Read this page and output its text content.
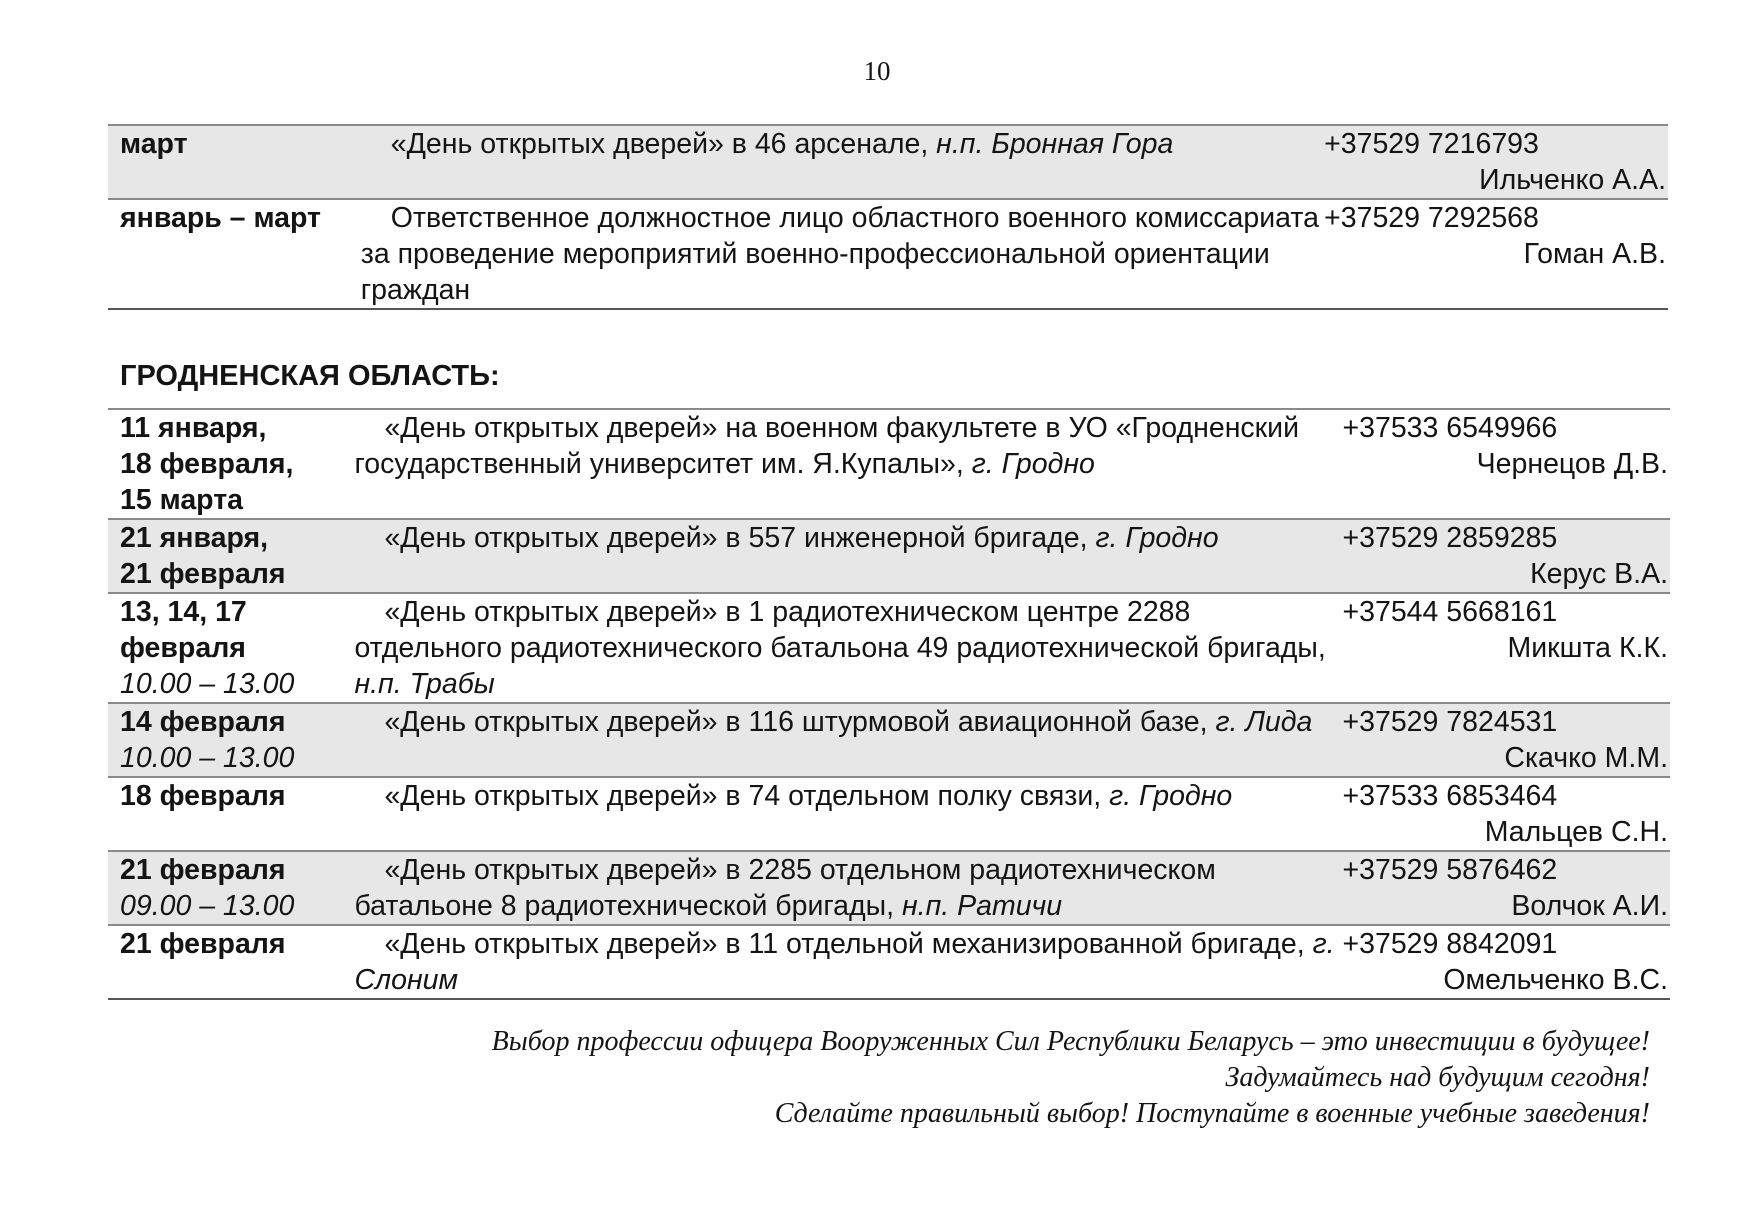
10
март	«День открытых дверей» в 46 арсенале, н.п. Бронная Гора	+37529 7216793
Ильченко А.А.

январь – март	Ответственное должностное лицо областного военного комиссариата за проведение мероприятий военно-профессиональной ориентации граждан	+37529 7292568
Гоман А.В.
ГРОДНЕНСКАЯ ОБЛАСТЬ:
11 января,
18 февраля,
15 марта	«День открытых дверей» на военном факультете в УО «Гродненский государственный университет им. Я.Купалы», г. Гродно	+37533 6549966
Чернецов Д.В.

21 января,
21 февраля	«День открытых дверей» в 557 инженерной бригаде, г. Гродно	+37529 2859285
Керус В.А.

13, 14, 17
февраля
10.00 – 13.00	«День открытых дверей» в 1 радиотехническом центре 2288 отдельного радиотехнического батальона 49 радиотехнической бригады, н.п. Трабы	+37544 5668161
Микшта К.К.

14 февраля
10.00 – 13.00	«День открытых дверей» в 116 штурмовой авиационной базе, г. Лида	+37529 7824531
Скачко М.М.

18 февраля	«День открытых дверей» в 74 отдельном полку связи, г. Гродно	+37533 6853464
Мальцев С.Н.

21 февраля
09.00 – 13.00	«День открытых дверей» в 2285 отдельном радиотехническом батальоне 8 радиотехнической бригады, н.п. Ратичи	+37529 5876462
Волчок А.И.

21 февраля	«День открытых дверей» в 11 отдельной механизированной бригаде, г. Слоним	+37529 8842091
Омельченко В.С.
Выбор профессии офицера Вооруженных Сил Республики Беларусь – это инвестиции в будущее!
Задумайтесь над будущим сегодня!
Сделайте правильный выбор! Поступайте в военные учебные заведения!
